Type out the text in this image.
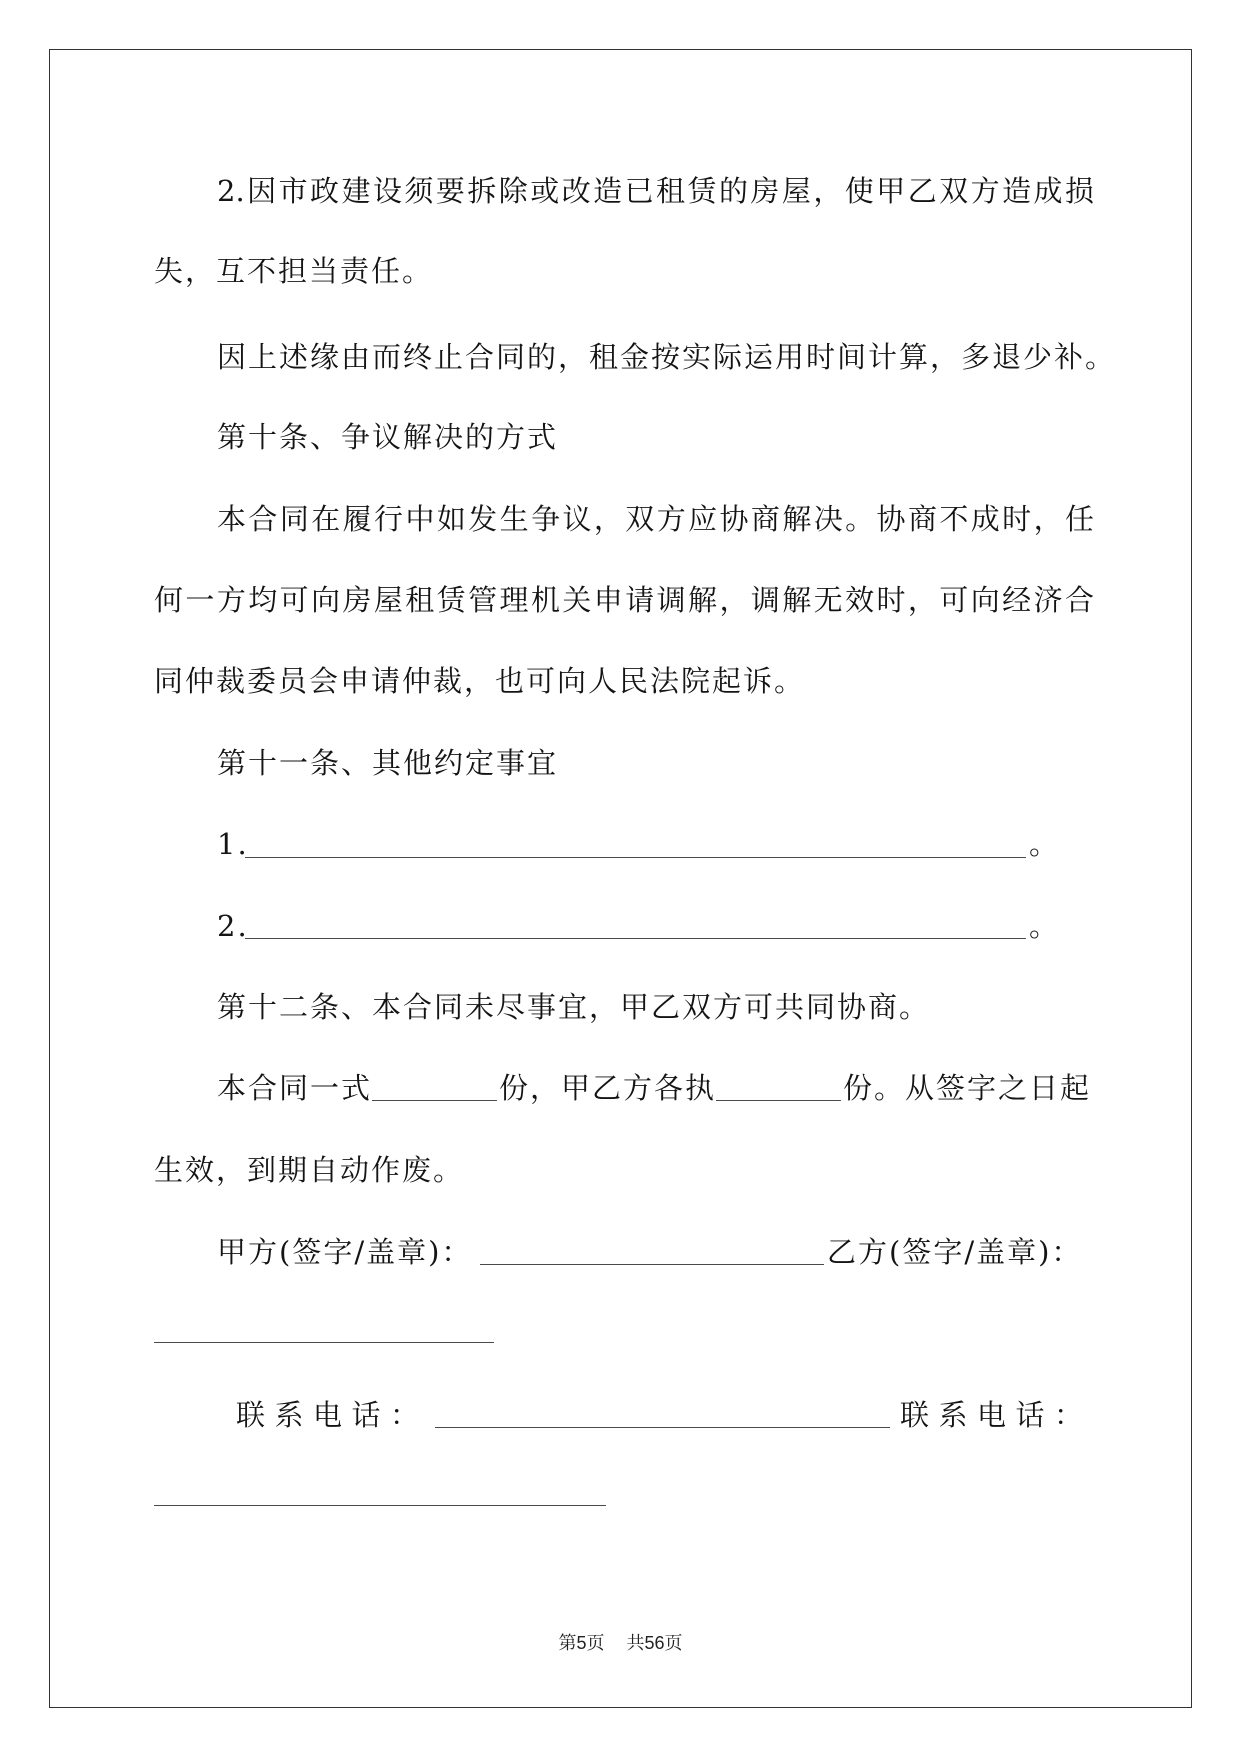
2.因市政建设须要拆除或改造已租赁的房屋，使甲乙双方造成损
失，互不担当责任。
因上述缘由而终止合同的，租金按实际运用时间计算，多退少补。
第十条、争议解决的方式
本合同在履行中如发生争议，双方应协商解决。协商不成时，任
何一方均可向房屋租赁管理机关申请调解，调解无效时，可向经济合
同仲裁委员会申请仲裁，也可向人民法院起诉。
第十一条、其他约定事宜
1.	。
2.	。
第十二条、本合同未尽事宜，甲乙双方可共同协商。
本合同一式	份，甲乙方各执	份。从签字之日起
生效，到期自动作废。
甲方(签字/盖章)：	乙方(签字/盖章)：
联系电话：	联系电话：
第5页 共56页
